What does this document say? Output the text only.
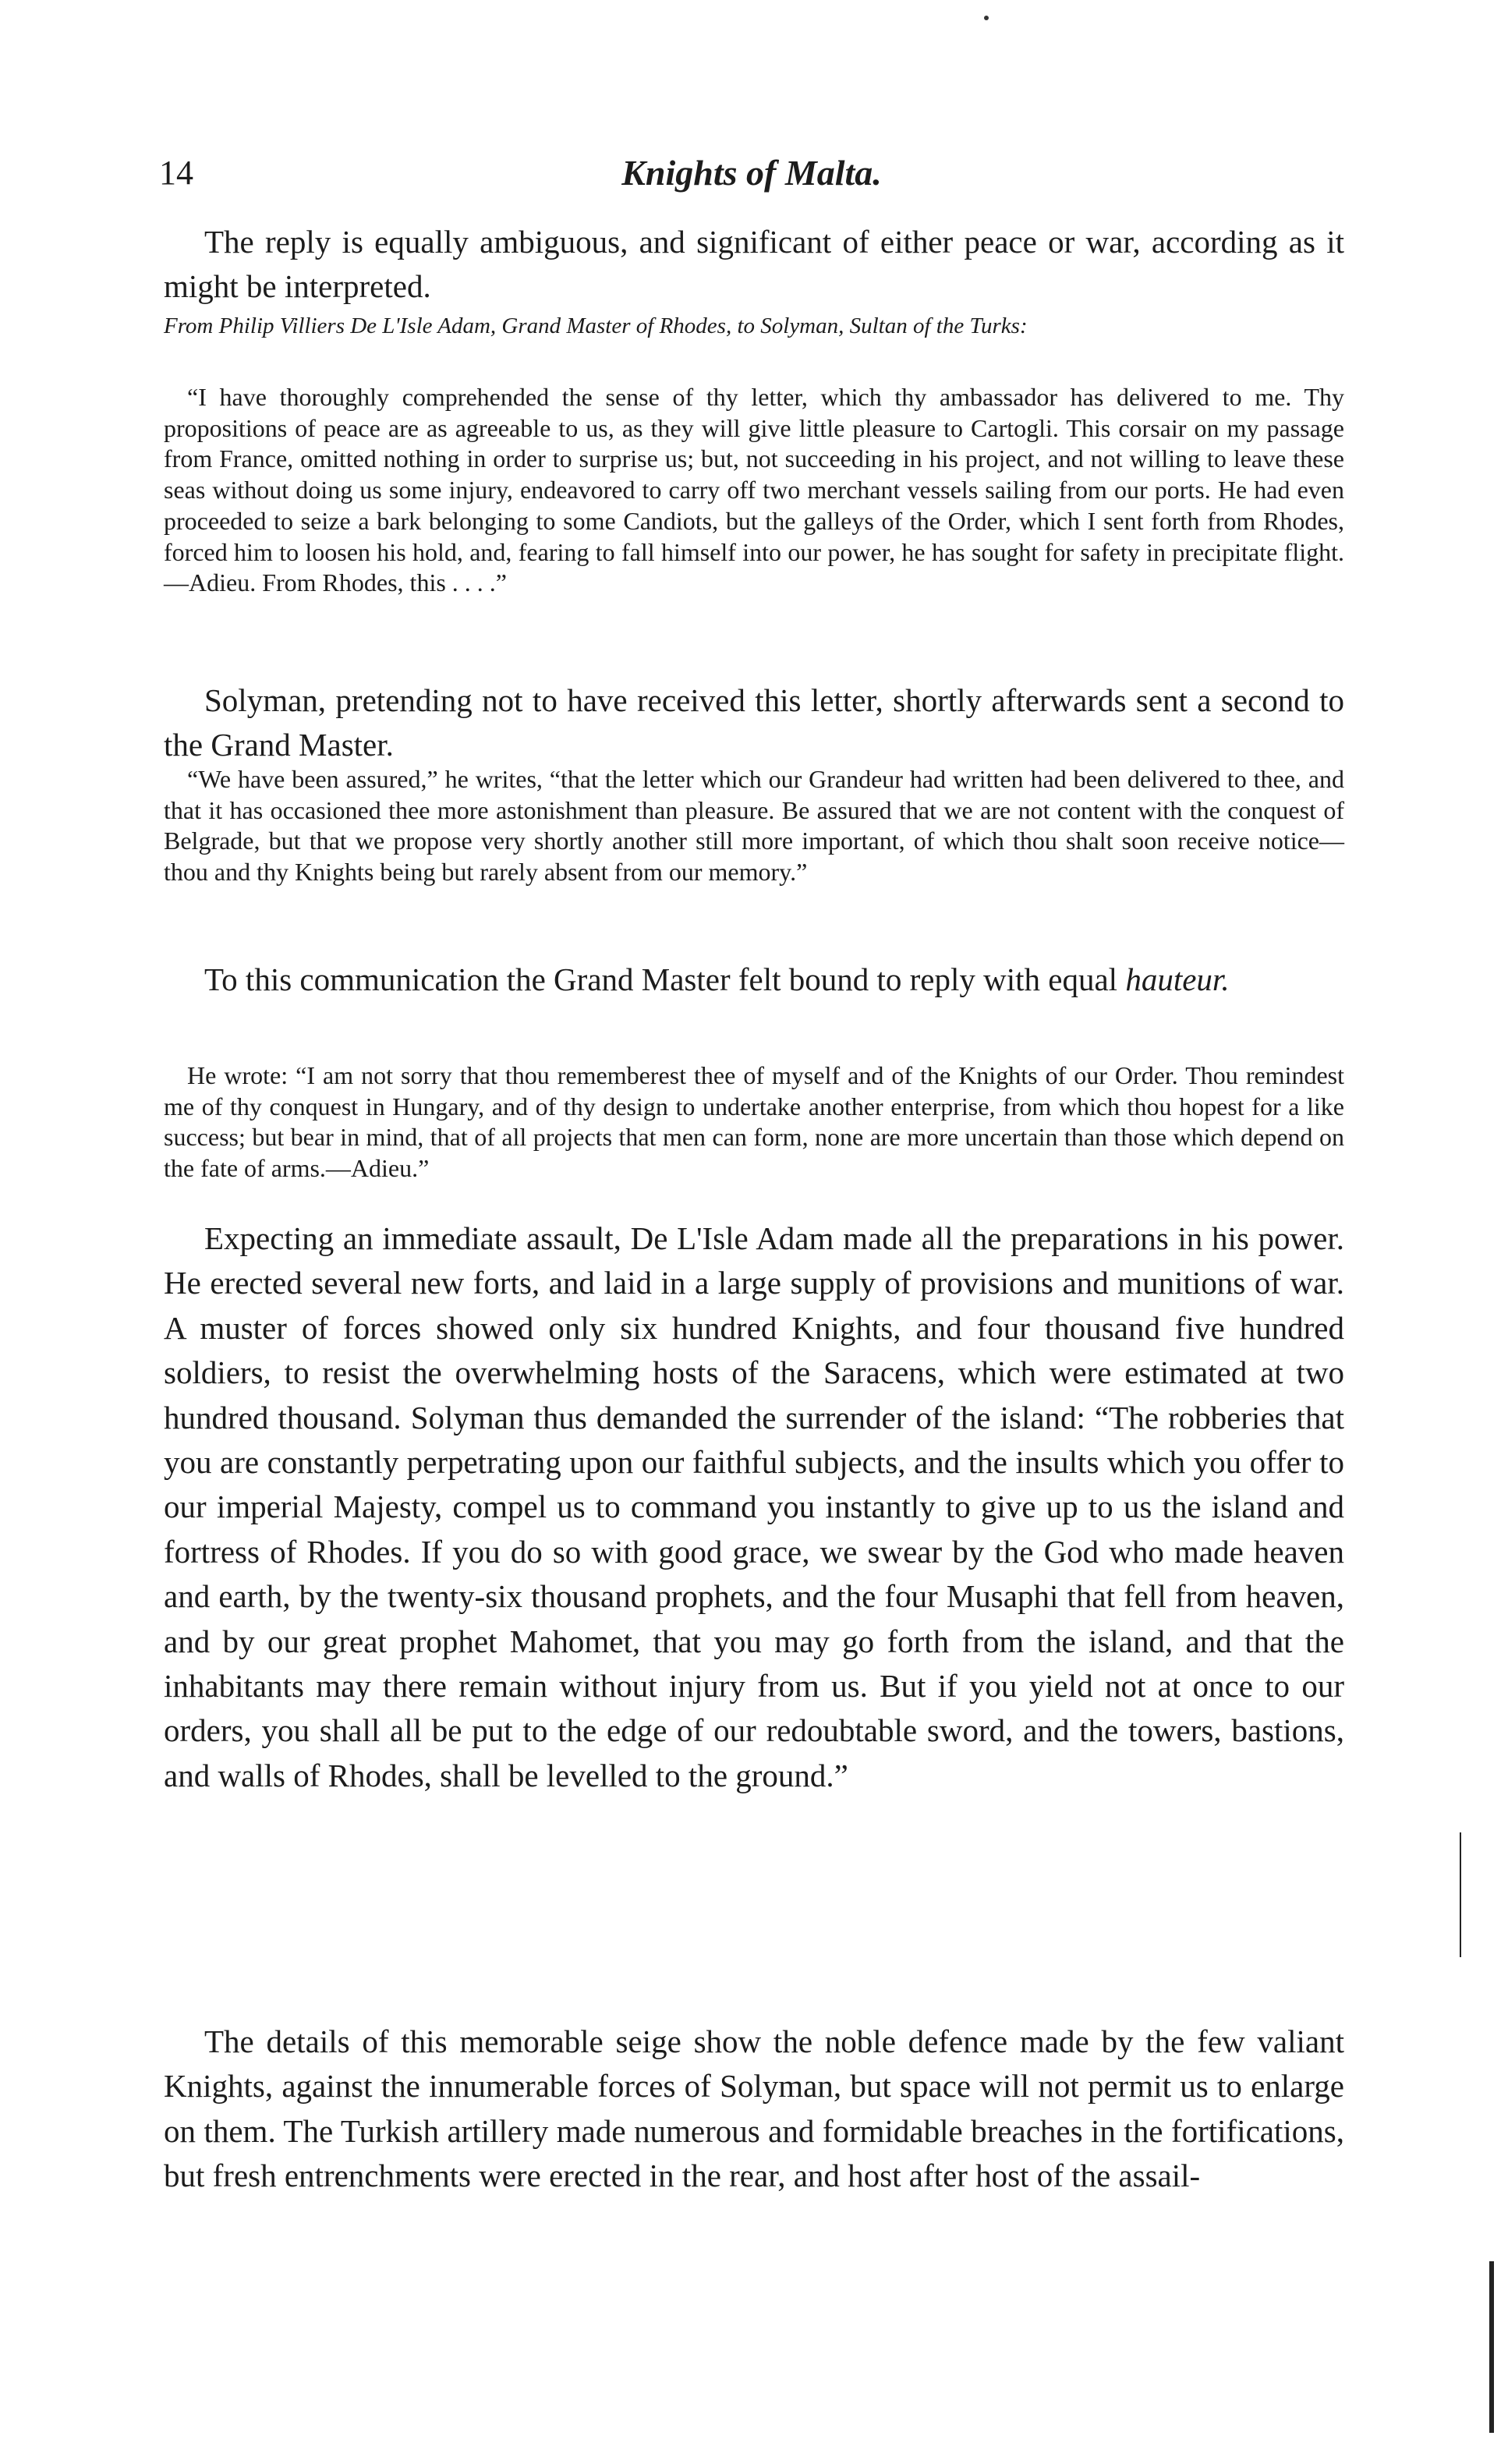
14	Knights of Malta.

The reply is equally ambiguous, and significant of either peace or war, according as it might be interpreted.

From Philip Villiers De L'Isle Adam, Grand Master of Rhodes, to Solyman, Sultan of the Turks:

“I have thoroughly comprehended the sense of thy letter, which thy ambassador has delivered to me. Thy propositions of peace are as agreeable to us, as they will give little pleasure to Cartogli. This corsair on my passage from France, omitted nothing in order to surprise us; but, not succeeding in his project, and not willing to leave these seas without doing us some injury, endeavored to carry off two merchant vessels sailing from our ports. He had even proceeded to seize a bark belonging to some Candiots, but the galleys of the Order, which I sent forth from Rhodes, forced him to loosen his hold, and, fearing to fall himself into our power, he has sought for safety in precipitate flight.—Adieu. From Rhodes, this . . . .”

Solyman, pretending not to have received this letter, shortly afterwards sent a second to the Grand Master.

“We have been assured,” he writes, “that the letter which our Grandeur had written had been delivered to thee, and that it has occasioned thee more astonishment than pleasure. Be assured that we are not content with the conquest of Belgrade, but that we propose very shortly another still more important, of which thou shalt soon receive notice—thou and thy Knights being but rarely absent from our memory.”

To this communication the Grand Master felt bound to reply with equal hauteur.

He wrote: “I am not sorry that thou rememberest thee of myself and of the Knights of our Order. Thou remindest me of thy conquest in Hungary, and of thy design to undertake another enterprise, from which thou hopest for a like success; but bear in mind, that of all projects that men can form, none are more uncertain than those which depend on the fate of arms.—Adieu.”

Expecting an immediate assault, De L'Isle Adam made all the preparations in his power. He erected several new forts, and laid in a large supply of provisions and munitions of war. A muster of forces showed only six hundred Knights, and four thousand five hundred soldiers, to resist the overwhelming hosts of the Saracens, which were estimated at two hundred thousand. Solyman thus demanded the surrender of the island: “The robberies that you are constantly perpetrating upon our faithful subjects, and the insults which you offer to our imperial Majesty, compel us to command you instantly to give up to us the island and fortress of Rhodes. If you do so with good grace, we swear by the God who made heaven and earth, by the twenty-six thousand prophets, and the four Musaphi that fell from heaven, and by our great prophet Mahomet, that you may go forth from the island, and that the inhabitants may there remain without injury from us. But if you yield not at once to our orders, you shall all be put to the edge of our redoubtable sword, and the towers, bastions, and walls of Rhodes, shall be levelled to the ground.”

The details of this memorable seige show the noble defence made by the few valiant Knights, against the innumerable forces of Solyman, but space will not permit us to enlarge on them. The Turkish artillery made numerous and formidable breaches in the fortifications, but fresh entrenchments were erected in the rear, and host after host of the assail-
